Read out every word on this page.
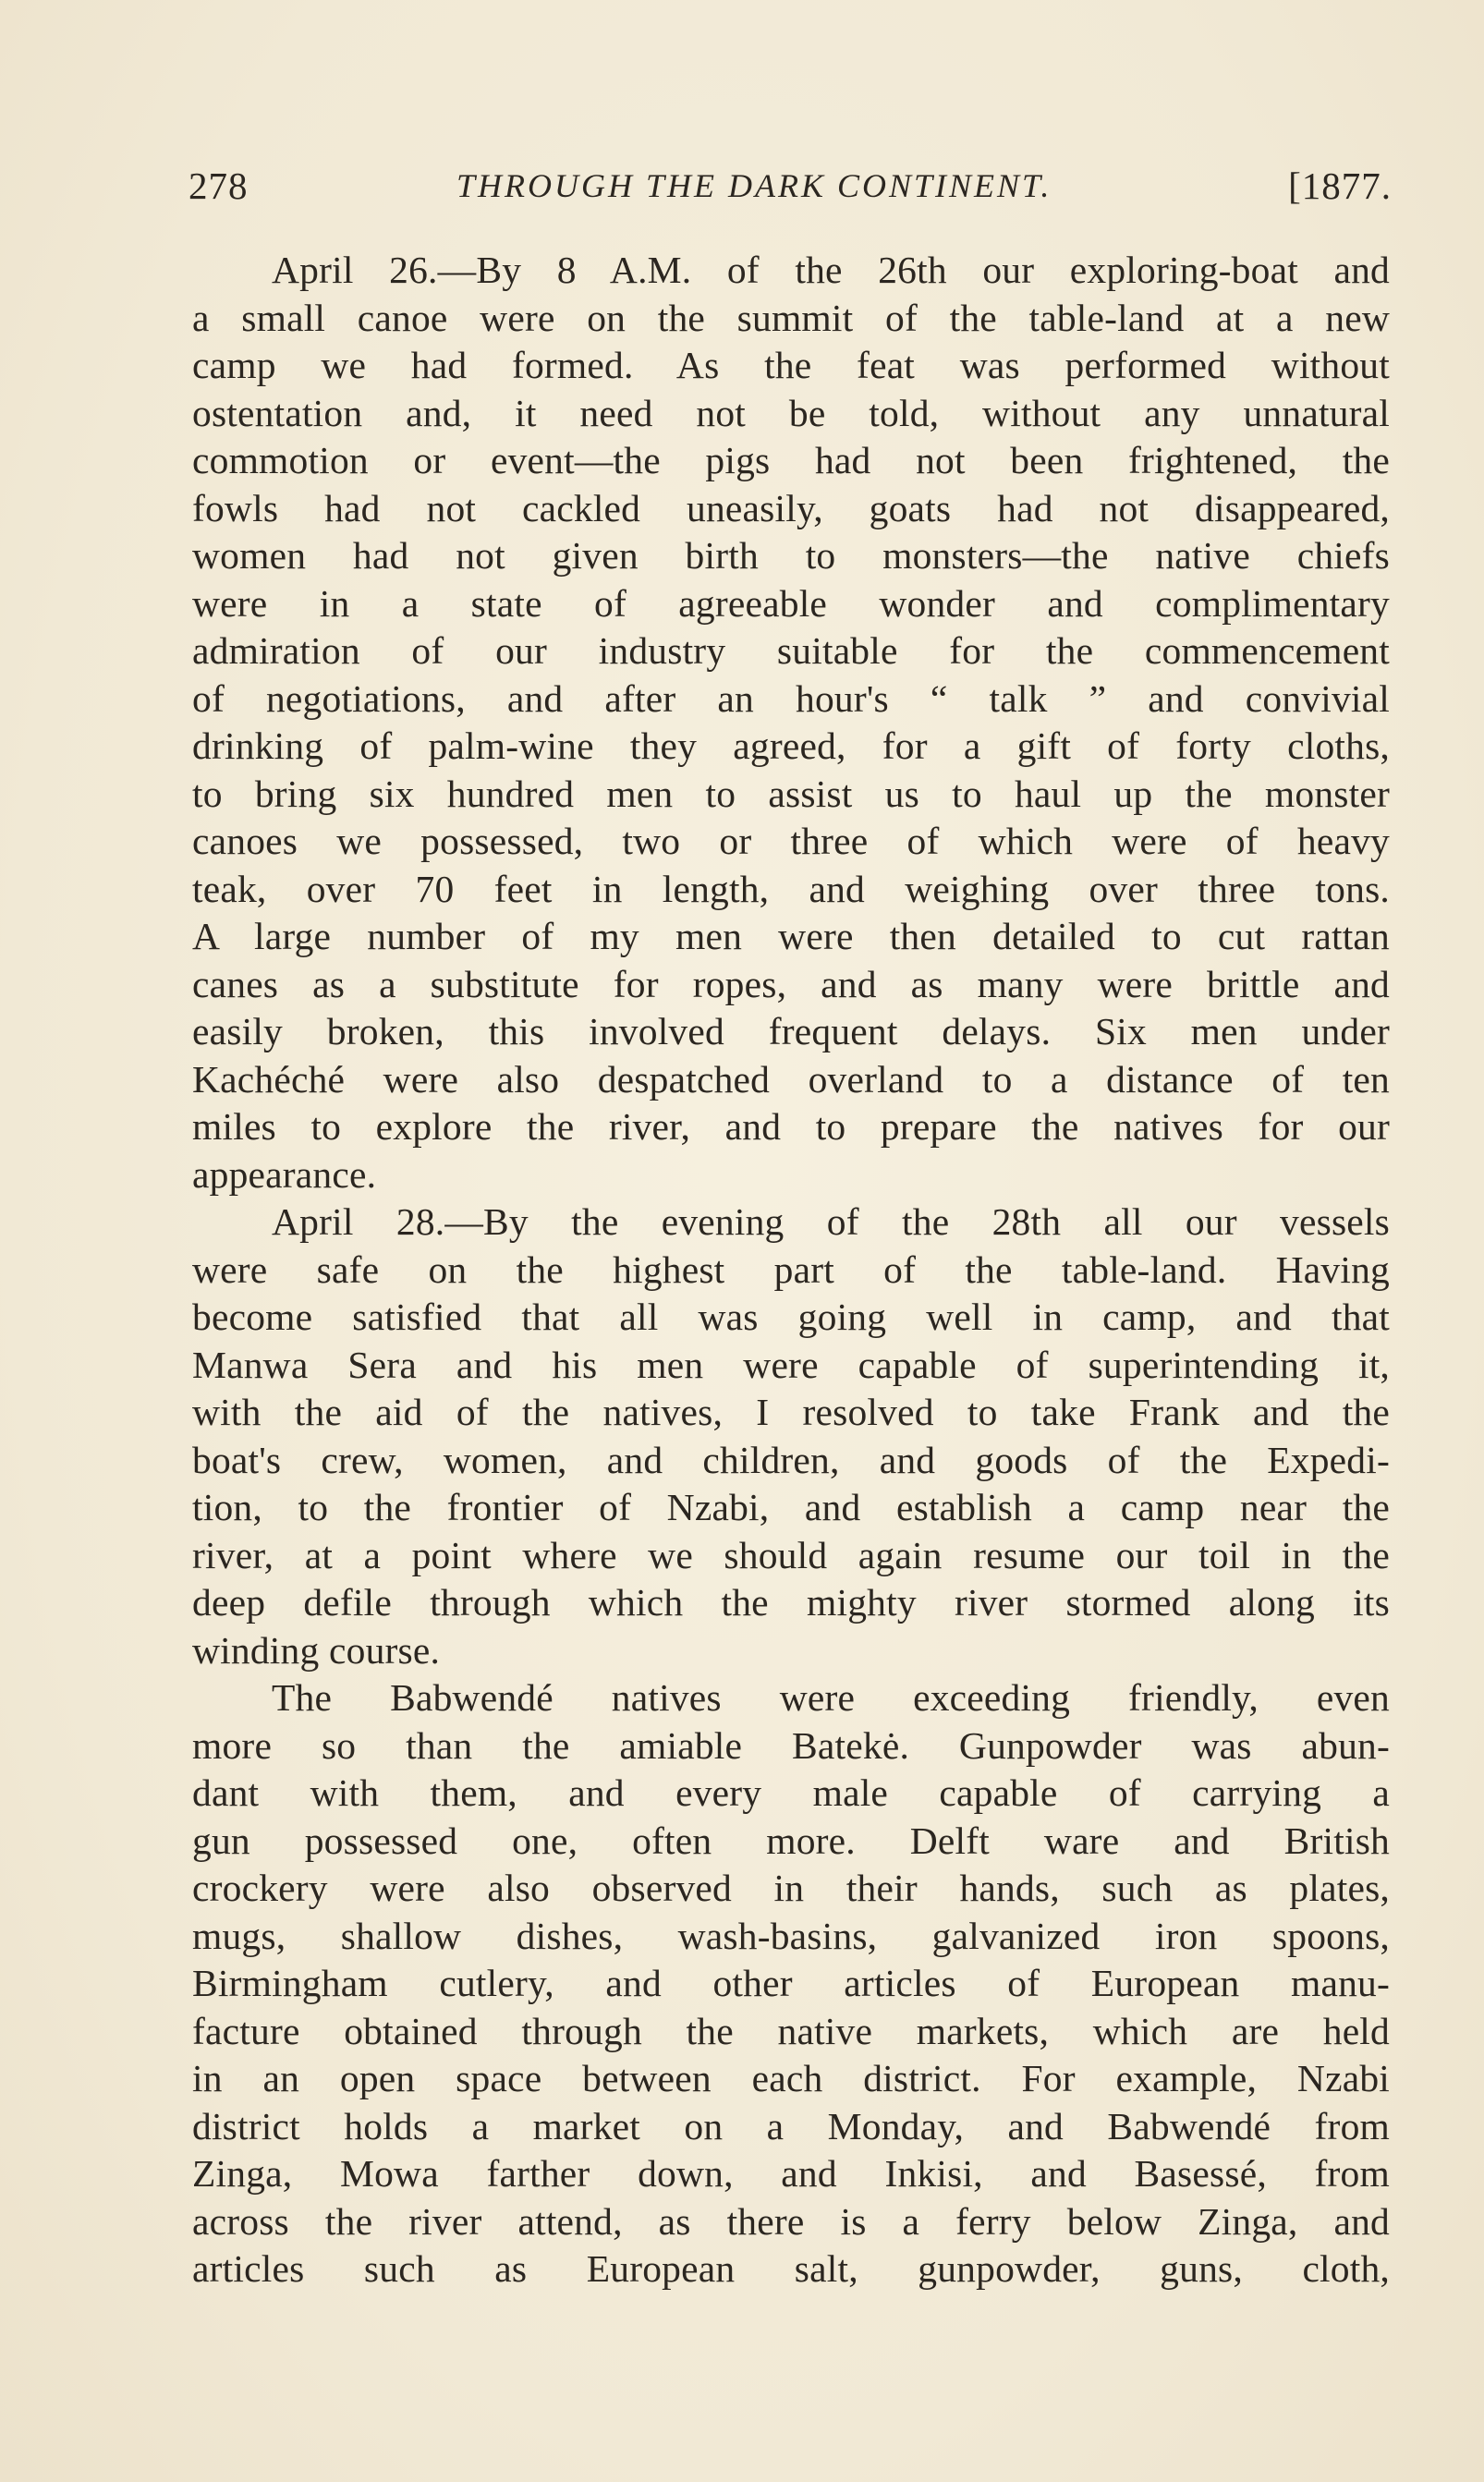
278	THROUGH THE DARK CONTINENT.	[1877.
April 26.—By 8 A.M. of the 26th our exploring-boat and
a small canoe were on the summit of the table-land at a new
camp we had formed. As the feat was performed without
ostentation and, it need not be told, without any unnatural
commotion or event—the pigs had not been frightened, the
fowls had not cackled uneasily, goats had not disappeared,
women had not given birth to monsters—the native chiefs
were in a state of agreeable wonder and complimentary
admiration of our industry suitable for the commencement
of negotiations, and after an hour's “ talk ” and convivial
drinking of palm-wine they agreed, for a gift of forty cloths,
to bring six hundred men to assist us to haul up the monster
canoes we possessed, two or three of which were of heavy
teak, over 70 feet in length, and weighing over three tons.
A large number of my men were then detailed to cut rattan
canes as a substitute for ropes, and as many were brittle and
easily broken, this involved frequent delays. Six men under
Kachéché were also despatched overland to a distance of ten
miles to explore the river, and to prepare the natives for our
appearance.
April 28.—By the evening of the 28th all our vessels
were safe on the highest part of the table-land. Having
become satisfied that all was going well in camp, and that
Manwa Sera and his men were capable of superintending it,
with the aid of the natives, I resolved to take Frank and the
boat's crew, women, and children, and goods of the Expedi-
tion, to the frontier of Nzabi, and establish a camp near the
river, at a point where we should again resume our toil in the
deep defile through which the mighty river stormed along its
winding course.
The Babwendé natives were exceeding friendly, even
more so than the amiable Batekė. Gunpowder was abun-
dant with them, and every male capable of carrying a
gun possessed one, often more. Delft ware and British
crockery were also observed in their hands, such as plates,
mugs, shallow dishes, wash-basins, galvanized iron spoons,
Birmingham cutlery, and other articles of European manu-
facture obtained through the native markets, which are held
in an open space between each district. For example, Nzabi
district holds a market on a Monday, and Babwendé from
Zinga, Mowa farther down, and Inkisi, and Basessé, from
across the river attend, as there is a ferry below Zinga, and
articles such as European salt, gunpowder, guns, cloth,
